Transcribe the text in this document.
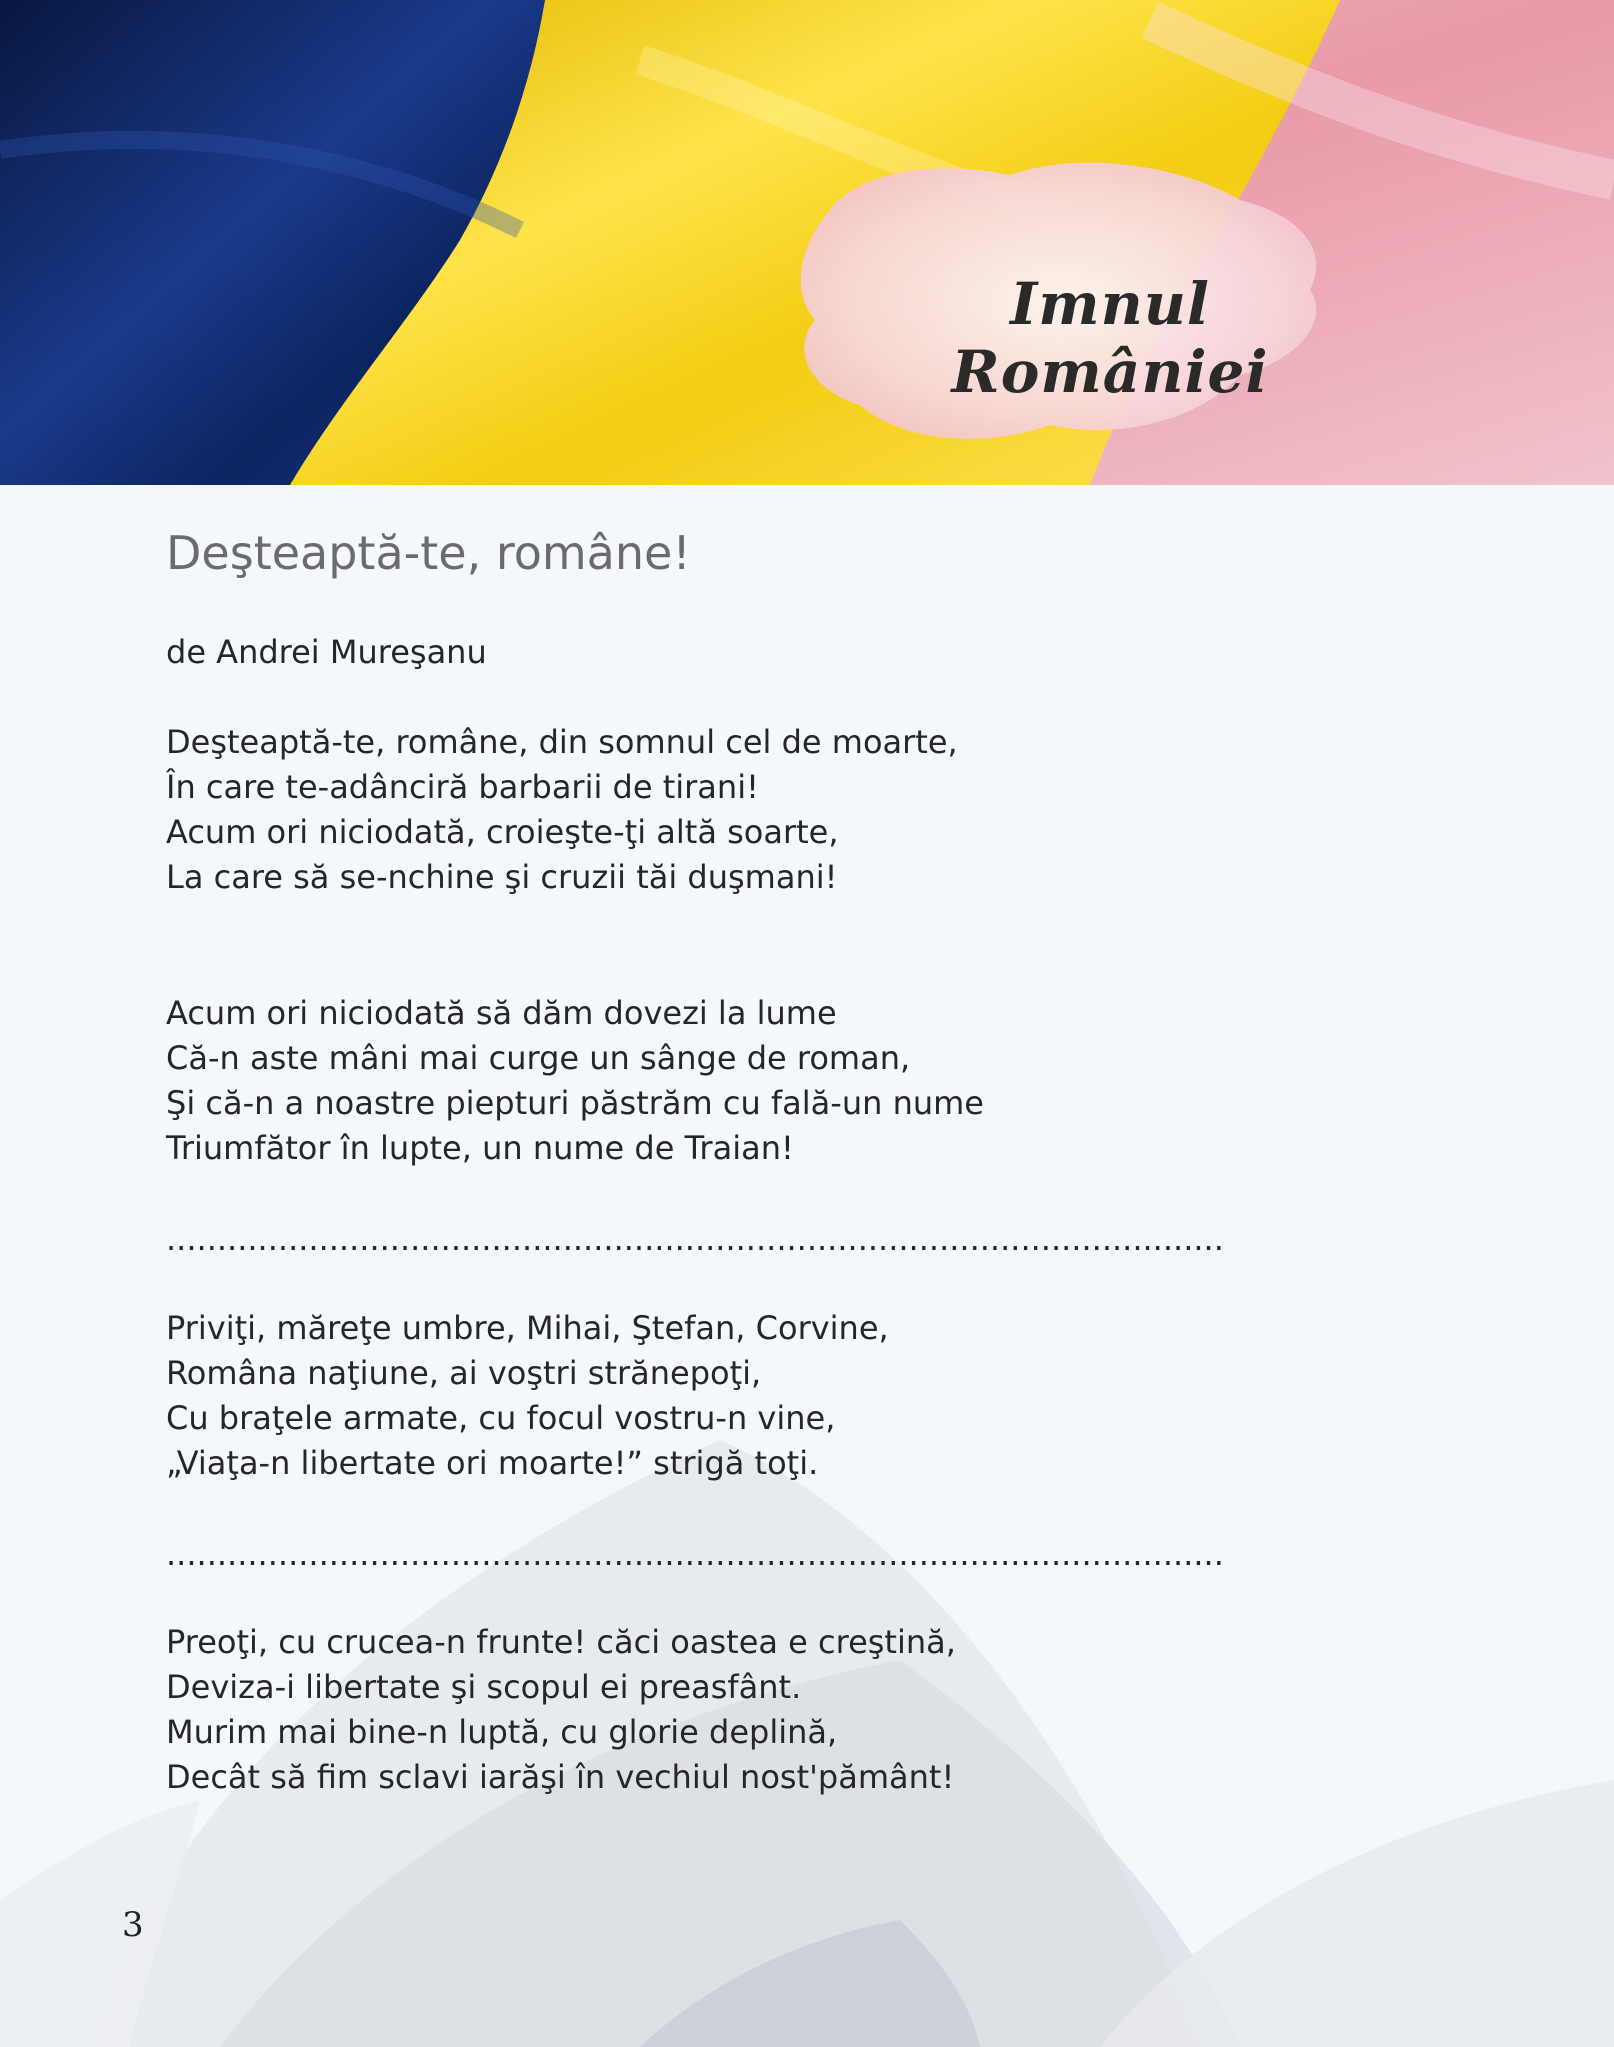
Imnul României
Deşteaptă-te, române!
de Andrei Mureşanu
Deşteaptă-te, române, din somnul cel de moarte,
În care te-adânciră barbarii de tirani!
Acum ori niciodată, croieşte-ţi altă soarte,
La care să se-nchine şi cruzii tăi duşmani!
Acum ori niciodată să dăm dovezi la lume
Că-n aste mâni mai curge un sânge de roman,
Şi că-n a noastre piepturi păstrăm cu fală-un nume
Triumfător în lupte, un nume de Traian!
........................................................................................................
Priviţi, măreţe umbre, Mihai, Ştefan, Corvine,
Româna naţiune, ai voştri strănepoţi,
Cu braţele armate, cu focul vostru-n vine,
„Viaţa-n libertate ori moarte!” strigă toţi.
........................................................................................................
Preoţi, cu crucea-n frunte! căci oastea e creştină,
Deviza-i libertate şi scopul ei preasfânt.
Murim mai bine-n luptă, cu glorie deplină,
Decât să fim sclavi iarăşi în vechiul nost'pământ!
3
